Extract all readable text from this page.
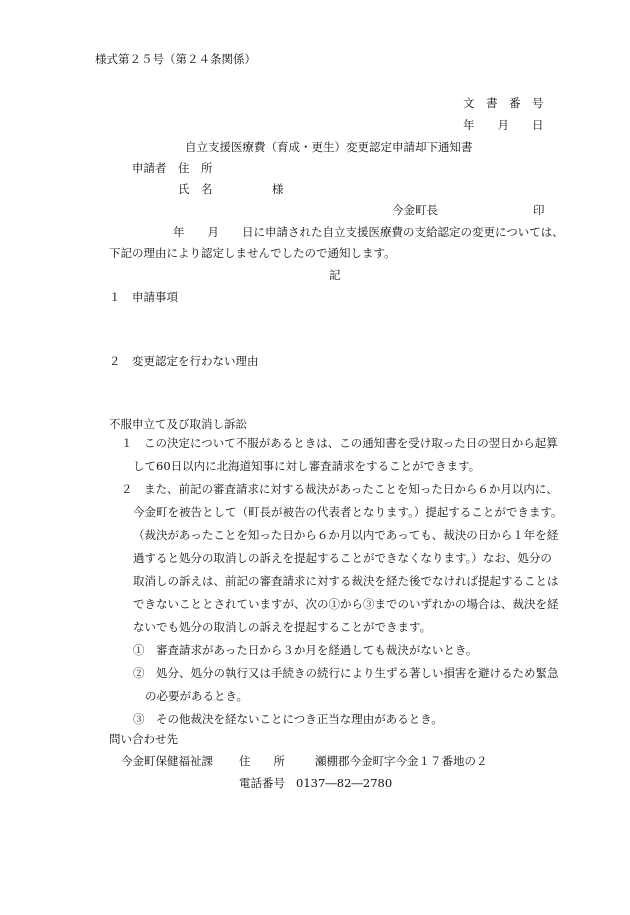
様式第２５号（第２４条関係）
文　書　番　号
年　　月　　日
自立支援医療費（育成・更生）変更認定申請却下通知書
申請者 住　所
氏　名	様
今金町長	印
年　　月　　日に申請された自立支援医療費の支給認定の変更については、
下記の理由により認定しませんでしたので通知します。
記
１　申請事項
２　変更認定を行わない理由
不服申立て及び取消し訴訟
１　この決定について不服があるときは、この通知書を受け取った日の翌日から起算
して60日以内に北海道知事に対し審査請求をすることができます。
２　また、前記の審査請求に対する裁決があったことを知った日から６か月以内に、
今金町を被告として（町長が被告の代表者となります。）提起することができます。
（裁決があったことを知った日から６か月以内であっても、裁決の日から１年を経
過すると処分の取消しの訴えを提起することができなくなります。）なお、処分の
取消しの訴えは、前記の審査請求に対する裁決を経た後でなければ提起することは
できないこととされていますが、次の①から③までのいずれかの場合は、裁決を経
ないでも処分の取消しの訴えを提起することができます。
①　審査請求があった日から３か月を経過しても裁決がないとき。
②　処分、処分の執行又は手続きの続行により生ずる著しい損害を避けるため緊急
の必要があるとき。
③　その他裁決を経ないことにつき正当な理由があるとき。
問い合わせ先
今金町保健福祉課 住　　所	瀬棚郡今金町字今金１７番地の２
電話番号 0137―82―2780
